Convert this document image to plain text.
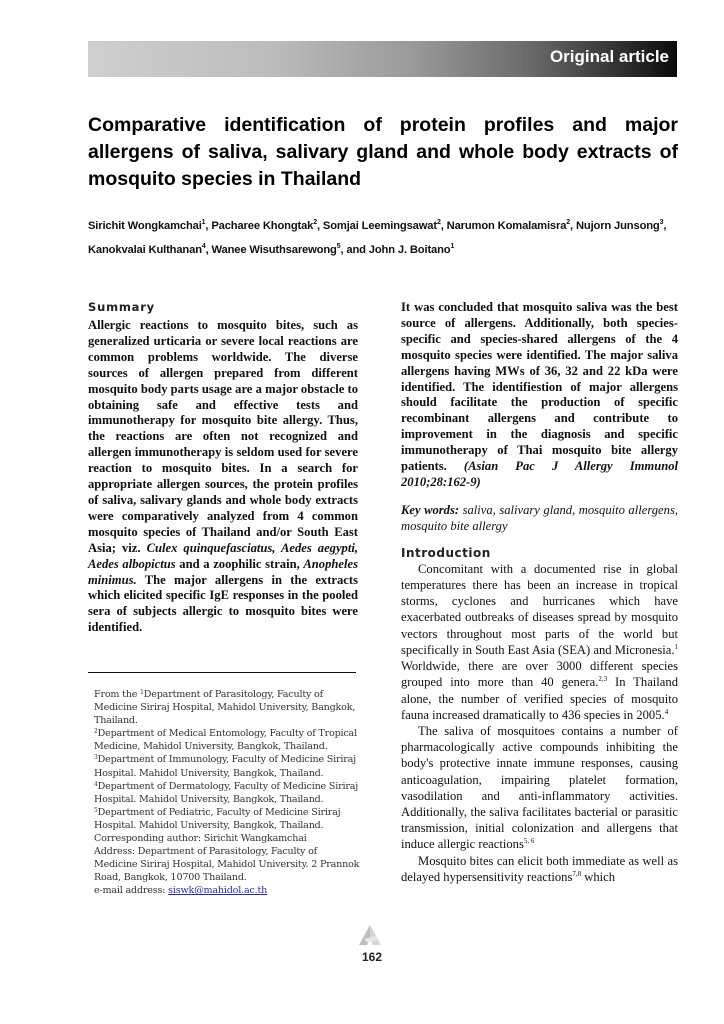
Original article
Comparative identification of protein profiles and major allergens of saliva, salivary gland and whole body extracts of mosquito species in Thailand
Sirichit Wongkamchai$^1$, Pacharee Khongtak$^2$, Somjai Leemingsawat$^2$, Narumon Komalamisra$^2$, Nujorn Junsong$^3$, Kanokvalai Kulthanan$^4$, Wanee Wisuthsarewong$^5$, and John J. Boitano$^1$
Summary

Allergic reactions to mosquito bites, such as generalized urticaria or severe local reactions are common problems worldwide. The diverse sources of allergen prepared from different mosquito body parts usage are a major obstacle to obtaining safe and effective tests and immunotherapy for mosquito bite allergy. Thus, the reactions are often not recognized and allergen immunotherapy is seldom used for severe reaction to mosquito bites. In a search for appropriate allergen sources, the protein profiles of saliva, salivary glands and whole body extracts were comparatively analyzed from 4 common mosquito species of Thailand and/or South East Asia; viz. Culex quinquefasciatus, Aedes aegypti, Aedes albopictus and a zoophilic strain, Anopheles minimus. The major allergens in the extracts which elicited specific IgE responses in the pooled sera of subjects allergic to mosquito bites were identified.

From the $^1$Department of Parasitology, Faculty of Medicine Siriraj Hospital, Mahidol University, Bangkok, Thailand.

$^2$Department of Medical Entomology, Faculty of Tropical Medicine, Mahidol University, Bangkok, Thailand.

$^3$Department of Immunology, Faculty of Medicine Siriraj Hospital. Mahidol University, Bangkok, Thailand.

$^4$Department of Dermatology, Faculty of Medicine Siriraj Hospital. Mahidol University, Bangkok, Thailand.

$^5$Department of Pediatric, Faculty of Medicine Siriraj Hospital. Mahidol University, Bangkok, Thailand.

Corresponding author: Sirichit Wangkamchai

Address: Department of Parasitology, Faculty of Medicine Siriraj Hospital, Mahidol University. 2 Prannok Road, Bangkok, 10700 Thailand.

e-mail address: siswk@mahidol.ac.th

It was concluded that mosquito saliva was the best source of allergens. Additionally, both species-specific and species-shared allergens of the 4 mosquito species were identified. The major saliva allergens having MWs of 36, 32 and 22 kDa were identified. The identifiestion of major allergens should facilitate the production of specific recombinant allergens and contribute to improvement in the diagnosis and specific immunotherapy of Thai mosquito bite allergy patients. (Asian Pac J Allergy Immunol 2010;28:162-9)

Key words: saliva, salivary gland, mosquito allergens, mosquito bite allergy

Introduction

Concomitant with a documented rise in global temperatures there has been an increase in tropical storms, cyclones and hurricanes which have exacerbated outbreaks of diseases spread by mosquito vectors throughout most parts of the world but specifically in South East Asia (SEA) and Micronesia.$^1$ Worldwide, there are over 3000 different species grouped into more than 40 genera.$^{2,3}$ In Thailand alone, the number of verified species of mosquito fauna increased dramatically to 436 species in 2005.$^4$

The saliva of mosquitoes contains a number of pharmacologically active compounds inhibiting the body's protective innate immune responses, causing anticoagulation, impairing platelet formation, vasodilation and anti-inflammatory activities. Additionally, the saliva facilitates bacterial or parasitic transmission, initial colonization and allergens that induce allergic reactions$^{5, 6}$

Mosquito bites can elicit both immediate as well as delayed hypersensitivity reactions$^{7,8}$ which

162
